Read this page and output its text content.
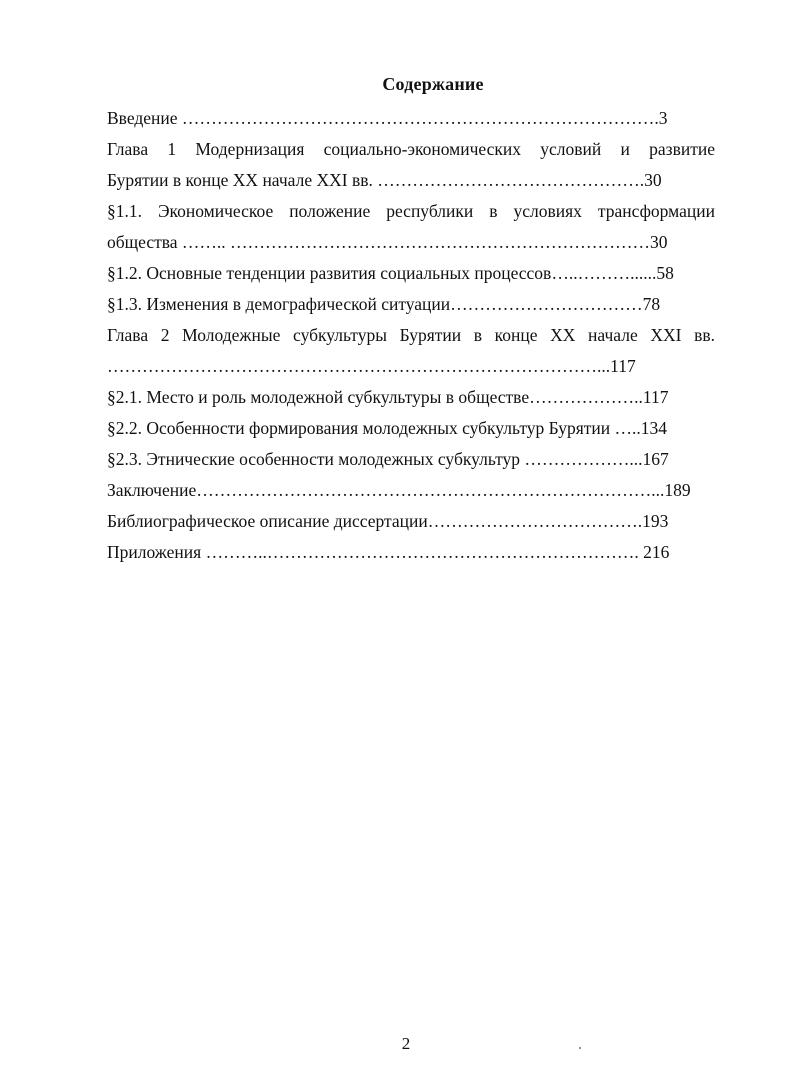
Содержание
Введение ……………………………………………………………………….3
Глава 1 Модернизация социально-экономических условий и развитие
Бурятии в конце XX начале XXI вв. ……………………………………….30
§1.1. Экономическое положение республики в условиях трансформации
общества …….. ………………………………………………………………30
§1.2. Основные тенденции развития социальных процессов…..………......58
§1.3. Изменения в демографической ситуации……………………………78
Глава 2 Молодежные субкультуры Бурятии в конце XX начале XXI вв.
…………………………………………………………………………...117
§2.1. Место и роль молодежной субкультуры в обществе………………..117
§2.2. Особенности формирования молодежных субкультур Бурятии …..134
§2.3. Этнические особенности молодежных субкультур ………………...167
Заключение……………………………………………………………………...189
Библиографическое описание диссертации……………………………….193
Приложения ………..………………………………………………………. 216
2
